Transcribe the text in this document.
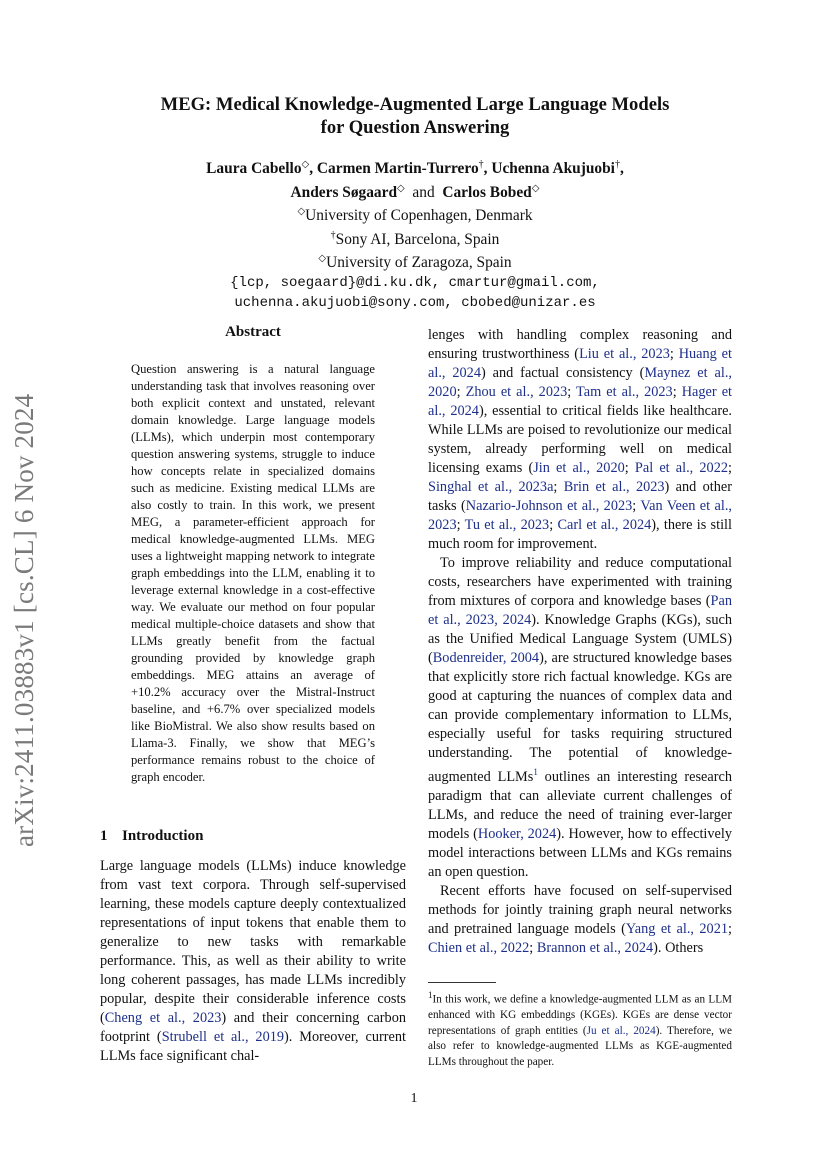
arXiv:2411.03883v1 [cs.CL] 6 Nov 2024
MEG: Medical Knowledge-Augmented Large Language Models
for Question Answering
Laura Cabello◇, Carmen Martin-Turrero†, Uchenna Akujuobi†,
Anders Søgaard◇ and Carlos Bobed◇
◇University of Copenhagen, Denmark
†Sony AI, Barcelona, Spain
◇University of Zaragoza, Spain
{lcp, soegaard}@di.ku.dk, cmartur@gmail.com,
uchenna.akujuobi@sony.com, cbobed@unizar.es
Abstract
Question answering is a natural language understanding task that involves reasoning over both explicit context and unstated, relevant domain knowledge. Large language models (LLMs), which underpin most contemporary question answering systems, struggle to induce how concepts relate in specialized domains such as medicine. Existing medical LLMs are also costly to train. In this work, we present MEG, a parameter-efficient approach for medical knowledge-augmented LLMs. MEG uses a lightweight mapping network to integrate graph embeddings into the LLM, enabling it to leverage external knowledge in a cost-effective way. We evaluate our method on four popular medical multiple-choice datasets and show that LLMs greatly benefit from the factual grounding provided by knowledge graph embeddings. MEG attains an average of +10.2% accuracy over the Mistral-Instruct baseline, and +6.7% over specialized models like BioMistral. We also show results based on Llama-3. Finally, we show that MEG’s performance remains robust to the choice of graph encoder.
1 Introduction

Large language models (LLMs) induce knowledge from vast text corpora. Through self-supervised learning, these models capture deeply contextualized representations of input tokens that enable them to generalize to new tasks with remarkable performance. This, as well as their ability to write long coherent passages, has made LLMs incredibly popular, despite their considerable inference costs (Cheng et al., 2023) and their concerning carbon footprint (Strubell et al., 2019). Moreover, current LLMs face significant chal-

lenges with handling complex reasoning and ensuring trustworthiness (Liu et al., 2023; Huang et al., 2024) and factual consistency (Maynez et al., 2020; Zhou et al., 2023; Tam et al., 2023; Hager et al., 2024), essential to critical fields like healthcare. While LLMs are poised to revolutionize our medical system, already performing well on medical licensing exams (Jin et al., 2020; Pal et al., 2022; Singhal et al., 2023a; Brin et al., 2023) and other tasks (Nazario-Johnson et al., 2023; Van Veen et al., 2023; Tu et al., 2023; Carl et al., 2024), there is still much room for improvement.

To improve reliability and reduce computational costs, researchers have experimented with training from mixtures of corpora and knowledge bases (Pan et al., 2023, 2024). Knowledge Graphs (KGs), such as the Unified Medical Language System (UMLS) (Bodenreider, 2004), are structured knowledge bases that explicitly store rich factual knowledge. KGs are good at capturing the nuances of complex data and can provide complementary information to LLMs, especially useful for tasks requiring structured understanding. The potential of knowledge-augmented LLMs$^1$ outlines an interesting research paradigm that can alleviate current challenges of LLMs, and reduce the need of training ever-larger models (Hooker, 2024). However, how to effectively model interactions between LLMs and KGs remains an open question.

Recent efforts have focused on self-supervised methods for jointly training graph neural networks and pretrained language models (Yang et al., 2021; Chien et al., 2022; Brannon et al., 2024). Others

$^1$In this work, we define a knowledge-augmented LLM as an LLM enhanced with KG embeddings (KGEs). KGEs are dense vector representations of graph entities (Ju et al., 2024). Therefore, we also refer to knowledge-augmented LLMs as KGE-augmented LLMs throughout the paper.
1
